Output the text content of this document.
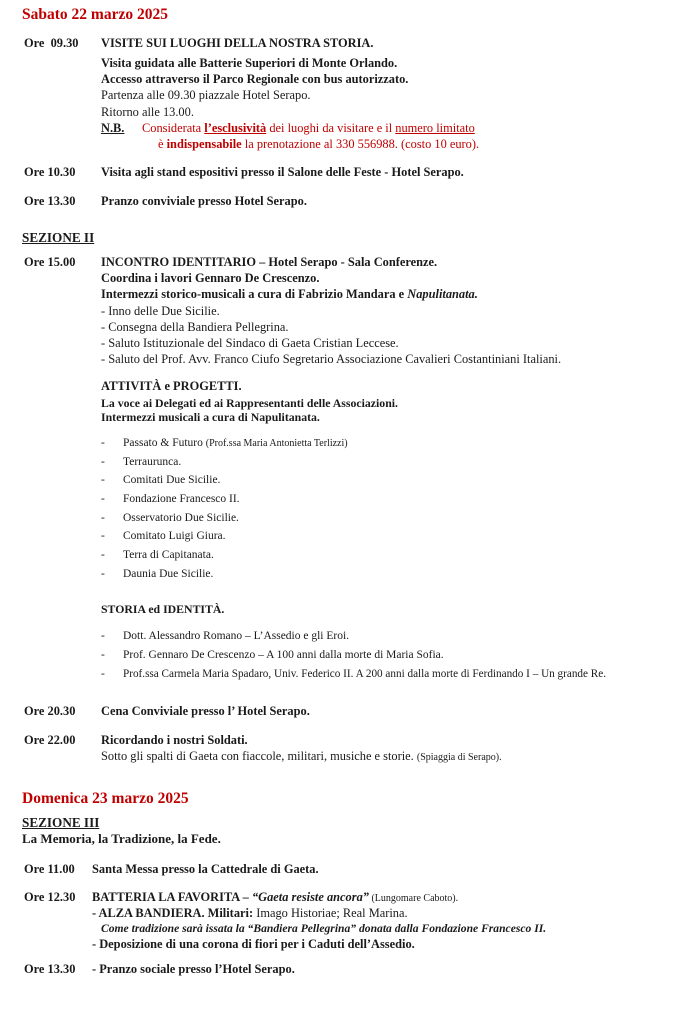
Sabato 22 marzo 2025
Ore  09.30 VISITE SUI LUOGHI DELLA NOSTRA STORIA.
Visita guidata alle Batterie Superiori di Monte Orlando.
Accesso attraverso il Parco Regionale con bus autorizzato.
Partenza alle 09.30 piazzale Hotel Serapo.
Ritorno alle 13.00.
N.B. Considerata l’esclusività dei luoghi da visitare e il numero limitato
è indispensabile la prenotazione al 330 556988. (costo 10 euro).
Ore 10.30 Visita agli stand espositivi presso il Salone delle Feste - Hotel Serapo.
Ore 13.30 Pranzo conviviale presso Hotel Serapo.
SEZIONE II
Ore 15.00 INCONTRO IDENTITARIO – Hotel Serapo - Sala Conferenze.
Coordina i lavori Gennaro De Crescenzo.
Intermezzi storico-musicali a cura di Fabrizio Mandara e Napulitanata.
- Inno delle Due Sicilie.
- Consegna della Bandiera Pellegrina.
- Saluto Istituzionale del Sindaco di Gaeta Cristian Leccese.
- Saluto del Prof. Avv. Franco Ciufo Segretario Associazione Cavalieri Costantiniani Italiani.
ATTIVITÀ e PROGETTI.
La voce ai Delegati ed ai Rappresentanti delle Associazioni.
Intermezzi musicali a cura di Napulitanata.
- Passato & Futuro (Prof.ssa Maria Antonietta Terlizzi)
- Terraurunca.
- Comitati Due Sicilie.
- Fondazione Francesco II.
- Osservatorio Due Sicilie.
- Comitato Luigi Giura.
- Terra di Capitanata.
- Daunia Due Sicilie.
STORIA ed IDENTITÀ.
- Dott. Alessandro Romano – L’Assedio e gli Eroi.
- Prof. Gennaro De Crescenzo – A 100 anni dalla morte di Maria Sofia.
- Prof.ssa Carmela Maria Spadaro, Univ. Federico II. A 200 anni dalla morte di Ferdinando I – Un grande Re.
Ore 20.30 Cena Conviviale presso l’ Hotel Serapo.
Ore 22.00 Ricordando i nostri Soldati.
Sotto gli spalti di Gaeta con fiaccole, militari, musiche e storie. (Spiaggia di Serapo).
Domenica 23 marzo 2025
SEZIONE III
La Memoria, la Tradizione, la Fede.
Ore 11.00 Santa Messa presso la Cattedrale di Gaeta.
Ore 12.30 BATTERIA LA FAVORITA – “Gaeta resiste ancora” (Lungomare Caboto).
- ALZA BANDIERA. Militari: Imago Historiae; Real Marina.
Come tradizione sarà issata la “Bandiera Pellegrina” donata dalla Fondazione Francesco II.
- Deposizione di una corona di fiori per i Caduti dell’Assedio.
Ore 13.30 - Pranzo sociale presso l’Hotel Serapo.
